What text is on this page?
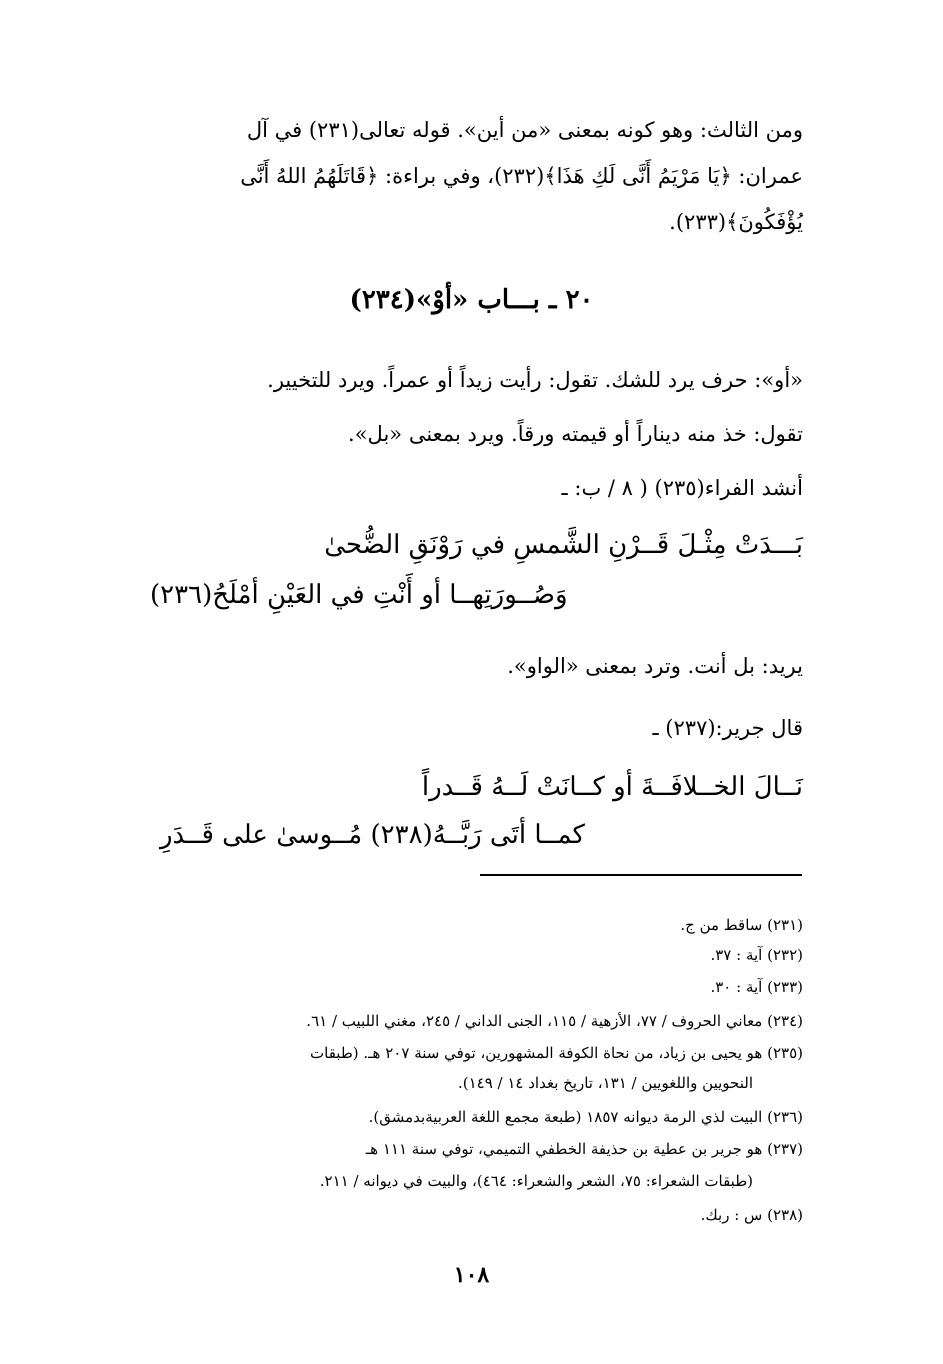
ومن الثالث: وهو كونه بمعنى «من أين». قوله تعالى(٢٣١) في آل
عمران: ﴿يَا مَرْيَمُ أَنَّى لَكِ هَذَا﴾(٢٣٢)، وفي براءة: ﴿قَاتَلَهُمُ اللهُ أَنَّى
يُؤْفَكُونَ﴾(٢٣٣).
٢٠ ـ بـــاب «أوْ»(٢٣٤)
«أو»: حرف يرد للشك. تقول: رأيت زيداً أو عمراً. ويرد للتخيير.
تقول: خذ منه ديناراً أو قيمته ورقاً. ويرد بمعنى «بل».
أنشد الفراء(٢٣٥) ( ٨ / ب: ـ
بَـــدَتْ مِثْـلَ قَــرْنِ الشَّمسِ في رَوْنَقِ الضُّحىٰ
وَصُــورَتِهــا أو أَنْتِ في العَيْنِ أمْلَحُ(٢٣٦)
يريد: بل أنت. وترد بمعنى «الواو».
قال جرير:(٢٣٧) ـ
نَــالَ الخــلافَــةَ أو كــانَتْ لَــهُ قَــدراً
كمــا أتَى رَبَّــهُ(٢٣٨) مُــوسىٰ على قَــدَرِ
(٢٣١) ساقط من ج.
(٢٣٢) آية : ٣٧.
(٢٣٣) آية : ٣٠.
(٢٣٤) معاني الحروف / ٧٧، الأزهية / ١١٥، الجنى الداني / ٢٤٥، مغني اللبيب / ٦١.
(٢٣٥) هو يحيى بن زياد، من نحاة الكوفة المشهورين، توفي سنة ٢٠٧ هـ. (طبقات
النحويين واللغويين / ١٣١، تاريخ بغداد ١٤ / ١٤٩).
(٢٣٦) البيت لذي الرمة ديوانه ١٨٥٧ (طبعة مجمع اللغة العربيةبدمشق).
(٢٣٧) هو جرير بن عطية بن حذيفة الخطفي التميمي، توفي سنة ١١١ هـ
(طبقات الشعراء: ٧٥، الشعر والشعراء: ٤٦٤)، والبيت في ديوانه / ٢١١.
(٢٣٨) س : ربك.
١٠٨
